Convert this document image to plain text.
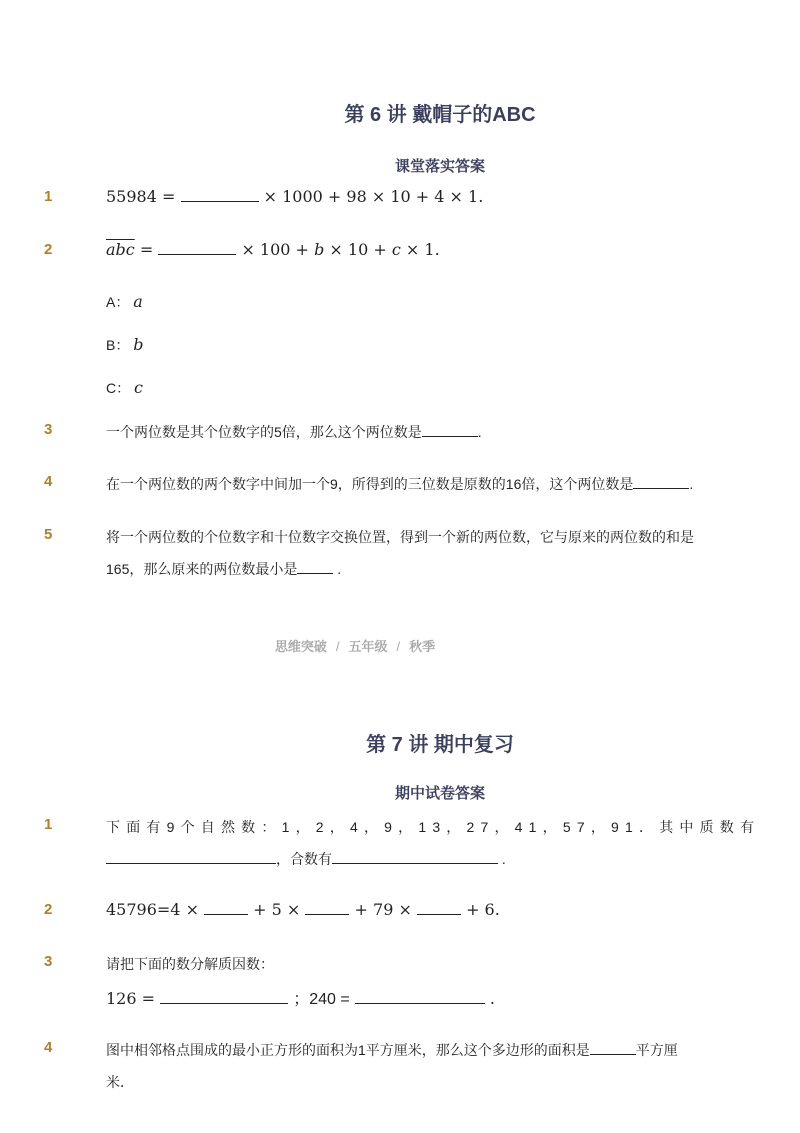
第 6 讲 戴帽子的ABC
课堂落实答案
1	55984 =	× 1000 + 98 × 10 + 4 × 1.
2	$\overline{abc}$ =	× 100 + b × 10 + c × 1.
A： a
B： b
C： c
3	一个两位数是其个位数字的5倍，那么这个两位数是	.
4	在一个两位数的两个数字中间加一个9，所得到的三位数是原数的16倍，这个两位数是	.
5	将一个两位数的个位数字和十位数字交换位置，得到一个新的两位数，它与原来的两位数的和是
165，那么原来的两位数最小是	.
思维突破 / 五年级 / 秋季
第 7 讲 期中复习
期中试卷答案
1	下面有9个自然数：1，2，4，9，13，27，41，57，91．其中质数有
，合数有	.
2	45796=4 ×	+ 5 ×	+ 79 ×	+ 6.
3	请把下面的数分解质因数：
126 =	；240 =	.
4	图中相邻格点围成的最小正方形的面积为1平方厘米，那么这个多边形的面积是	平方厘
米．
